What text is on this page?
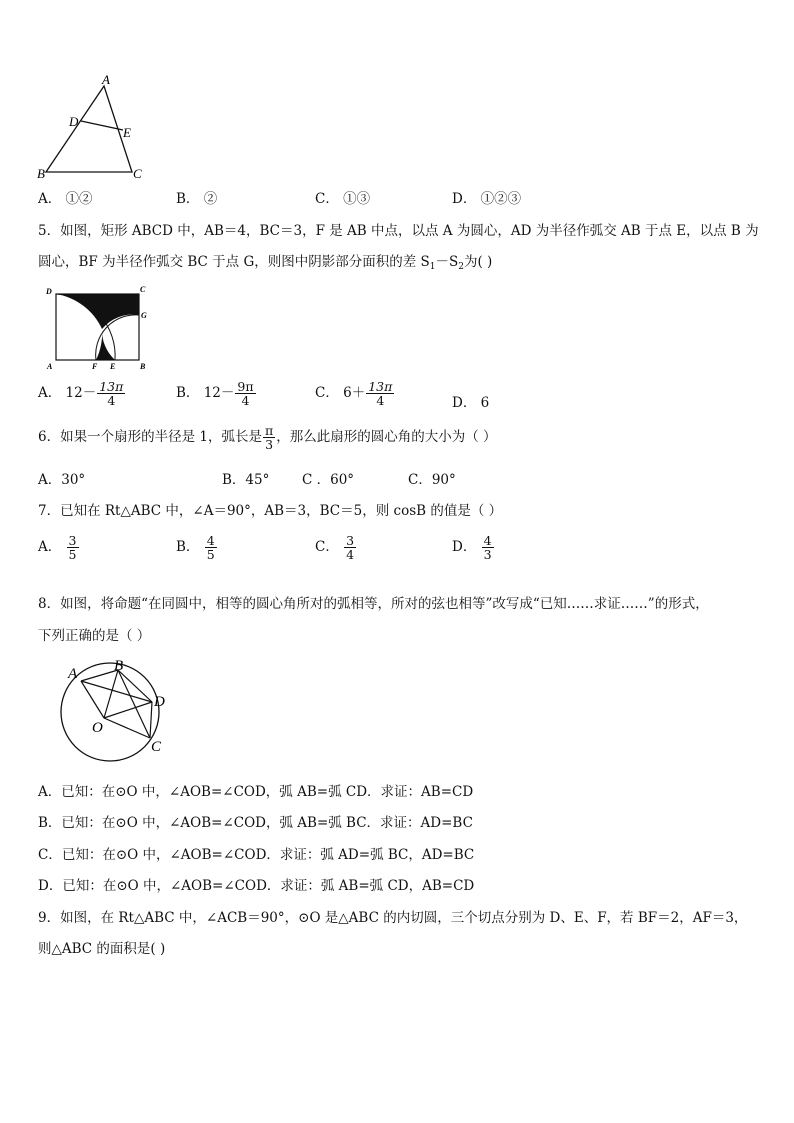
A
D
E
B	C
A． ①②	B． ②	C． ①③	D． ①②③
5．如图，矩形 ABCD 中，AB＝4，BC＝3，F 是 AB 中点，以点 A 为圆心，AD 为半径作弧交 AB 于点 E，以点 B 为
圆心，BF 为半径作弧交 BC 于点 G，则图中阴影部分面积的差 $S_1-S_2$为( )
D	C
G
A	F E	B
A． $12- \frac{13\pi}{4}$	B． $12- \frac{9\pi}{4}$	C． $6+ \frac{13\pi}{4}$	D． 6
6．如果一个扇形的半径是 1，弧长是 $\frac{\pi}{3}$ ，那么此扇形的圆心角的大小为（ ）
A．30°	B．45° C ．60°	C．90°
7．已知在 Rt△ABC 中，∠A＝90°，AB＝3，BC＝5，则 cosB 的值是（ ）
A． $\frac{3}{5}$	B． $\frac{4}{5}$	C． $\frac{3}{4}$	D． $\frac{4}{3}$
8．如图，将命题“在同圆中，相等的圆心角所对的弧相等，所对的弦也相等”改写成“已知……求证……”的形式，
下列正确的是（ ）
A B
D
O
C
A．已知：在⊙O 中，∠AOB=∠COD，弧 AB=弧 CD．求证：AB=CD
B．已知：在⊙O 中，∠AOB=∠COD，弧 AB=弧 BC．求证：AD=BC
C．已知：在⊙O 中，∠AOB=∠COD．求证：弧 AD=弧 BC，AD=BC
D．已知：在⊙O 中，∠AOB=∠COD．求证：弧 AB=弧 CD，AB=CD
9．如图，在 Rt△ABC 中，∠ACB＝90°，⊙O 是△ABC 的内切圆，三个切点分别为 D、E、F，若 BF＝2，AF＝3，
则△ABC 的面积是( )
